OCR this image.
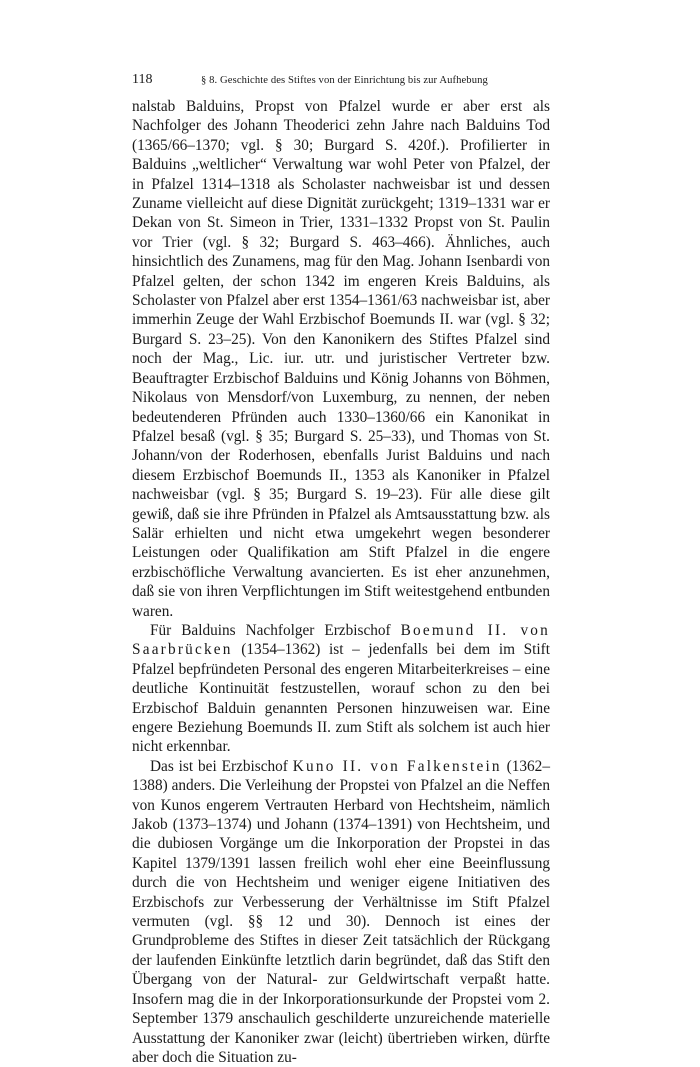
118	§ 8. Geschichte des Stiftes von der Einrichtung bis zur Aufhebung

nalstab Balduins, Propst von Pfalzel wurde er aber erst als Nachfolger des Johann Theoderici zehn Jahre nach Balduins Tod (1365/66–1370; vgl. § 30; Burgard S. 420f.). Profilierter in Balduins „weltlicher“ Verwaltung war wohl Peter von Pfalzel, der in Pfalzel 1314–1318 als Scholaster nachweisbar ist und dessen Zuname vielleicht auf diese Dignität zurückgeht; 1319–1331 war er Dekan von St. Simeon in Trier, 1331–1332 Propst von St. Paulin vor Trier (vgl. § 32; Burgard S. 463–466). Ähnliches, auch hinsichtlich des Zunamens, mag für den Mag. Johann Isenbardi von Pfalzel gelten, der schon 1342 im engeren Kreis Balduins, als Scholaster von Pfalzel aber erst 1354–1361/63 nachweisbar ist, aber immerhin Zeuge der Wahl Erzbischof Boemunds II. war (vgl. § 32; Burgard S. 23–25). Von den Kanonikern des Stiftes Pfalzel sind noch der Mag., Lic. iur. utr. und juristischer Vertreter bzw. Beauftragter Erzbischof Balduins und König Johanns von Böhmen, Nikolaus von Mensdorf/von Luxemburg, zu nennen, der neben bedeutenderen Pfründen auch 1330–1360/66 ein Kanonikat in Pfalzel besaß (vgl. § 35; Burgard S. 25–33), und Thomas von St. Johann/von der Roderhosen, ebenfalls Jurist Balduins und nach diesem Erzbischof Boemunds II., 1353 als Kanoniker in Pfalzel nachweisbar (vgl. § 35; Burgard S. 19–23). Für alle diese gilt gewiß, daß sie ihre Pfründen in Pfalzel als Amtsausstattung bzw. als Salär erhielten und nicht etwa umgekehrt wegen besonderer Leistungen oder Qualifikation am Stift Pfalzel in die engere erzbischöfliche Verwaltung avancierten. Es ist eher anzunehmen, daß sie von ihren Verpflichtungen im Stift weitestgehend entbunden waren.

Für Balduins Nachfolger Erzbischof Boemund II. von Saarbrücken (1354–1362) ist – jedenfalls bei dem im Stift Pfalzel bepfründeten Personal des engeren Mitarbeiterkreises – eine deutliche Kontinuität festzustellen, worauf schon zu den bei Erzbischof Balduin genannten Personen hinzuweisen war. Eine engere Beziehung Boemunds II. zum Stift als solchem ist auch hier nicht erkennbar.

Das ist bei Erzbischof Kuno II. von Falkenstein (1362–1388) anders. Die Verleihung der Propstei von Pfalzel an die Neffen von Kunos engerem Vertrauten Herbard von Hechtsheim, nämlich Jakob (1373–1374) und Johann (1374–1391) von Hechtsheim, und die dubiosen Vorgänge um die Inkorporation der Propstei in das Kapitel 1379/1391 lassen freilich wohl eher eine Beeinflussung durch die von Hechtsheim und weniger eigene Initiativen des Erzbischofs zur Verbesserung der Verhältnisse im Stift Pfalzel vermuten (vgl. §§ 12 und 30). Dennoch ist eines der Grundprobleme des Stiftes in dieser Zeit tatsächlich der Rückgang der laufenden Einkünfte letztlich darin begründet, daß das Stift den Übergang von der Natural- zur Geldwirtschaft verpaßt hatte. Insofern mag die in der Inkorporationsurkunde der Propstei vom 2. September 1379 anschaulich geschilderte unzureichende materielle Ausstattung der Kanoniker zwar (leicht) übertrieben wirken, dürfte aber doch die Situation zu-
